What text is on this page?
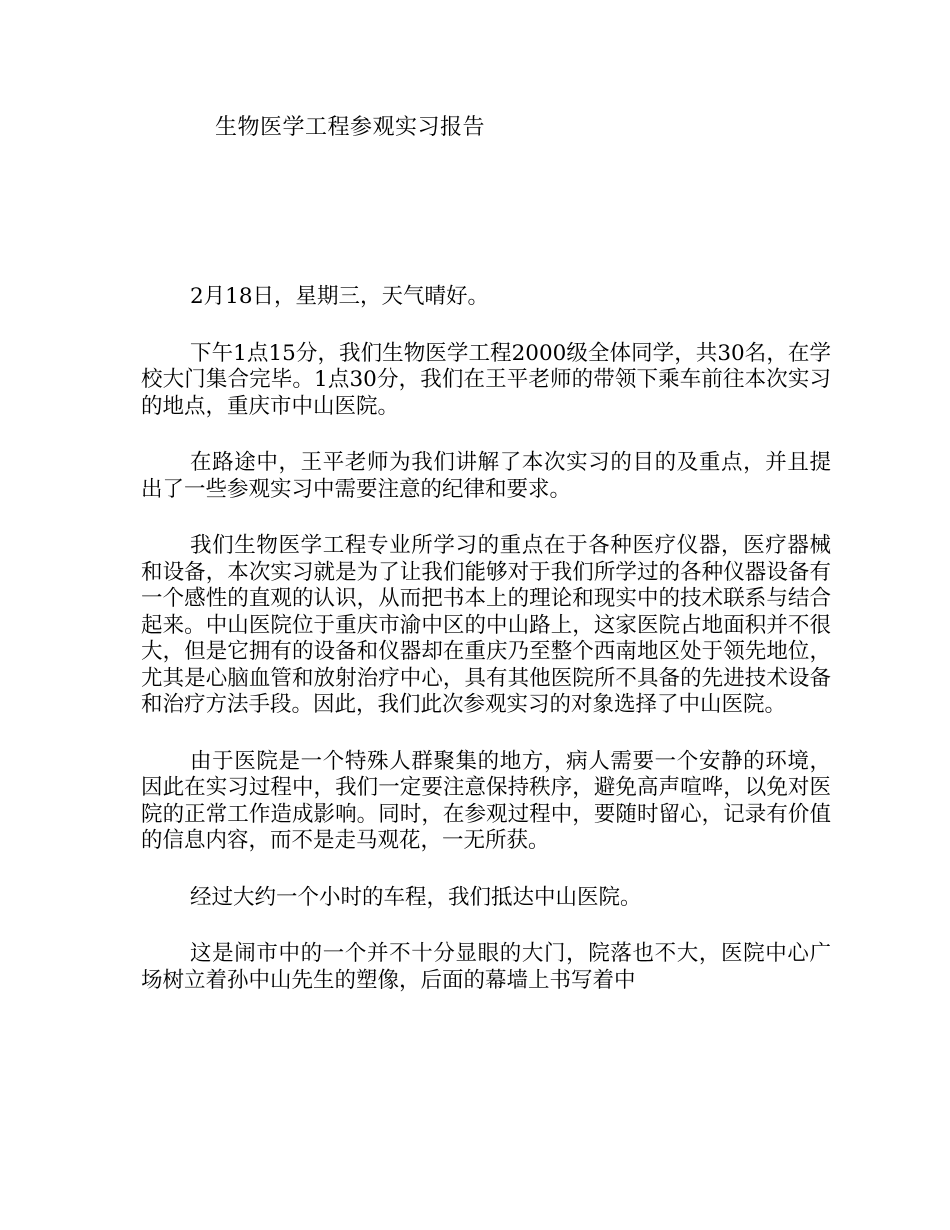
生物医学工程参观实习报告

2月18日，星期三，天气晴好。

下午1点15分，我们生物医学工程2000级全体同学，共30名，在学校大门集合完毕。1点30分，我们在王平老师的带领下乘车前往本次实习的地点，重庆市中山医院。

在路途中，王平老师为我们讲解了本次实习的目的及重点，并且提出了一些参观实习中需要注意的纪律和要求。

我们生物医学工程专业所学习的重点在于各种医疗仪器，医疗器械和设备，本次实习就是为了让我们能够对于我们所学过的各种仪器设备有一个感性的直观的认识，从而把书本上的理论和现实中的技术联系与结合起来。中山医院位于重庆市渝中区的中山路上，这家医院占地面积并不很大，但是它拥有的设备和仪器却在重庆乃至整个西南地区处于领先地位，尤其是心脑血管和放射治疗中心，具有其他医院所不具备的先进技术设备和治疗方法手段。因此，我们此次参观实习的对象选择了中山医院。

由于医院是一个特殊人群聚集的地方，病人需要一个安静的环境，因此在实习过程中，我们一定要注意保持秩序，避免高声喧哗，以免对医院的正常工作造成影响。同时，在参观过程中，要随时留心，记录有价值的信息内容，而不是走马观花，一无所获。

经过大约一个小时的车程，我们抵达中山医院。

这是闹市中的一个并不十分显眼的大门，院落也不大，医院中心广场树立着孙中山先生的塑像，后面的幕墙上书写着中
